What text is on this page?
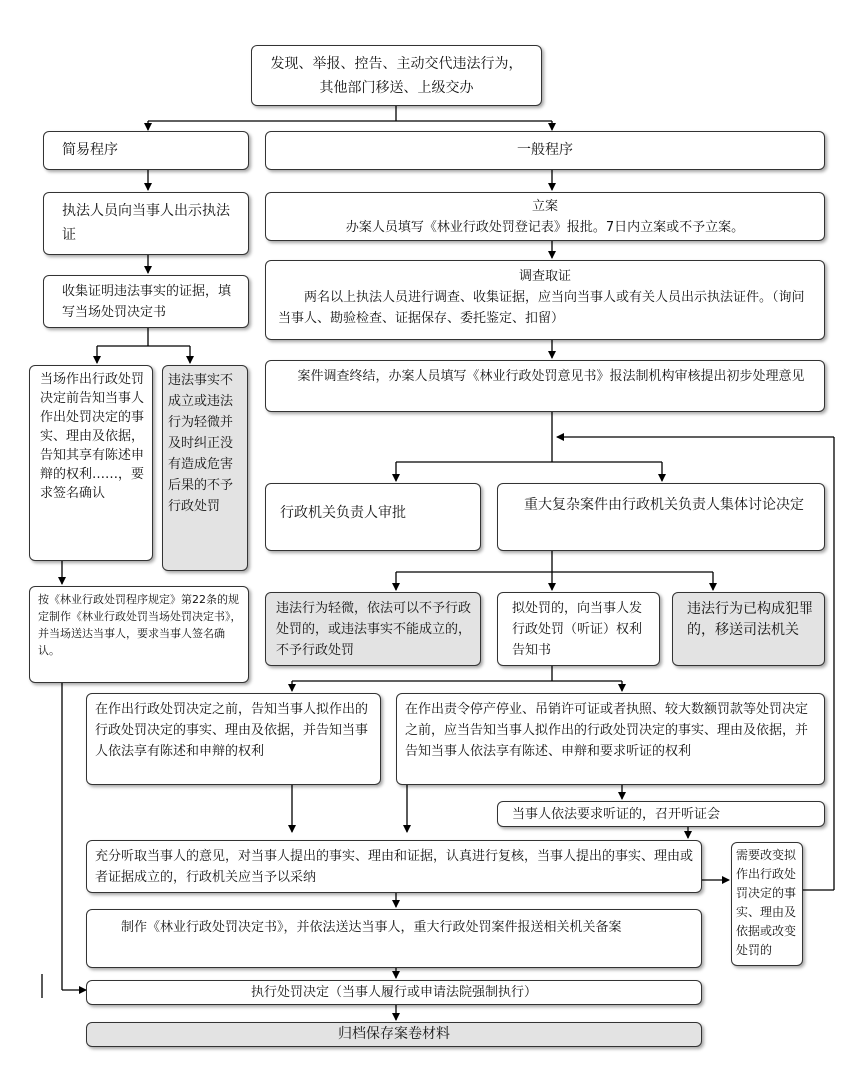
发现、举报、控告、主动交代违法行为，其他部门移送、上级交办
简易程序	一般程序
执法人员向当事人出示执法证
收集证明违法事实的证据，填写当场处罚决定书
当场作出行政处罚决定前告知当事人作出处罚决定的事实、理由及依据，告知其享有陈述申辩的权利……，要求签名确认
违法事实不成立或违法行为轻微并及时纠正没有造成危害后果的不予行政处罚
按《林业行政处罚程序规定》第22条的规定制作《林业行政处罚当场处罚决定书》，并当场送达当事人，要求当事人签名确认。
立案
办案人员填写《林业行政处罚登记表》报批。7日内立案或不予立案。
调查取证
两名以上执法人员进行调查、收集证据，应当向当事人或有关人员出示执法证件。（询问当事人、勘验检查、证据保存、委托鉴定、扣留）
案件调查终结，办案人员填写《林业行政处罚意见书》报法制机构审核提出初步处理意见
行政机关负责人审批	重大复杂案件由行政机关负责人集体讨论决定
违法行为轻微，依法可以不予行政处罚的，或违法事实不能成立的，不予行政处罚
拟处罚的，向当事人发行政处罚（听证）权利告知书
违法行为已构成犯罪的，移送司法机关
在作出行政处罚决定之前，告知当事人拟作出的行政处罚决定的事实、理由及依据，并告知当事人依法享有陈述和申辩的权利
在作出责令停产停业、吊销许可证或者执照、较大数额罚款等处罚决定之前，应当告知当事人拟作出的行政处罚决定的事实、理由及依据，并告知当事人依法享有陈述、申辩和要求听证的权利
当事人依法要求听证的，召开听证会
充分听取当事人的意见，对当事人提出的事实、理由和证据，认真进行复核，当事人提出的事实、理由或者证据成立的，行政机关应当予以采纳
需要改变拟作出行政处罚决定的事实、理由及依据或改变处罚的
制作《林业行政处罚决定书》，并依法送达当事人，重大行政处罚案件报送相关机关备案
执行处罚决定（当事人履行或申请法院强制执行）
归档保存案卷材料
